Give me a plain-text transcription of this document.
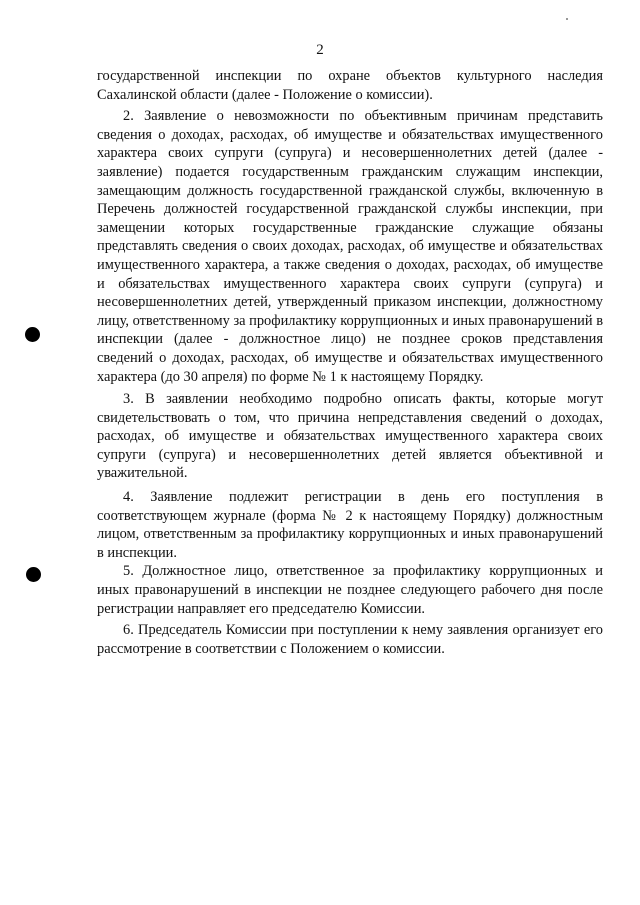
2

государственной инспекции по охране объектов культурного наследия Сахалинской области (далее - Положение о комиссии).

2. Заявление о невозможности по объективным причинам представить сведения о доходах, расходах, об имуществе и обязательствах имущественного характера своих супруги (супруга) и несовершеннолетних детей (далее - заявление) подается государственным гражданским служащим инспекции, замещающим должность государственной гражданской службы, включенную в Перечень должностей государственной гражданской службы инспекции, при замещении которых государственные гражданские служащие обязаны представлять сведения о своих доходах, расходах, об имуществе и обязательствах имущественного характера, а также сведения о доходах, расходах, об имуществе и обязательствах имущественного характера своих супруги (супруга) и несовершеннолетних детей, утвержденный приказом инспекции, должностному лицу, ответственному за профилактику коррупционных и иных правонарушений в инспекции (далее - должностное лицо) не позднее сроков представления сведений о доходах, расходах, об имуществе и обязательствах имущественного характера (до 30 апреля) по форме № 1 к настоящему Порядку.

3. В заявлении необходимо подробно описать факты, которые могут свидетельствовать о том, что причина непредставления сведений о доходах, расходах, об имуществе и обязательствах имущественного характера своих супруги (супруга) и несовершеннолетних детей является объективной и уважительной.

4. Заявление подлежит регистрации в день его поступления в соответствующем журнале (форма № 2 к настоящему Порядку) должностным лицом, ответственным за профилактику коррупционных и иных правонарушений в инспекции.

5. Должностное лицо, ответственное за профилактику коррупционных и иных правонарушений в инспекции не позднее следующего рабочего дня после регистрации направляет его председателю Комиссии.

6. Председатель Комиссии при поступлении к нему заявления организует его рассмотрение в соответствии с Положением о комиссии.
